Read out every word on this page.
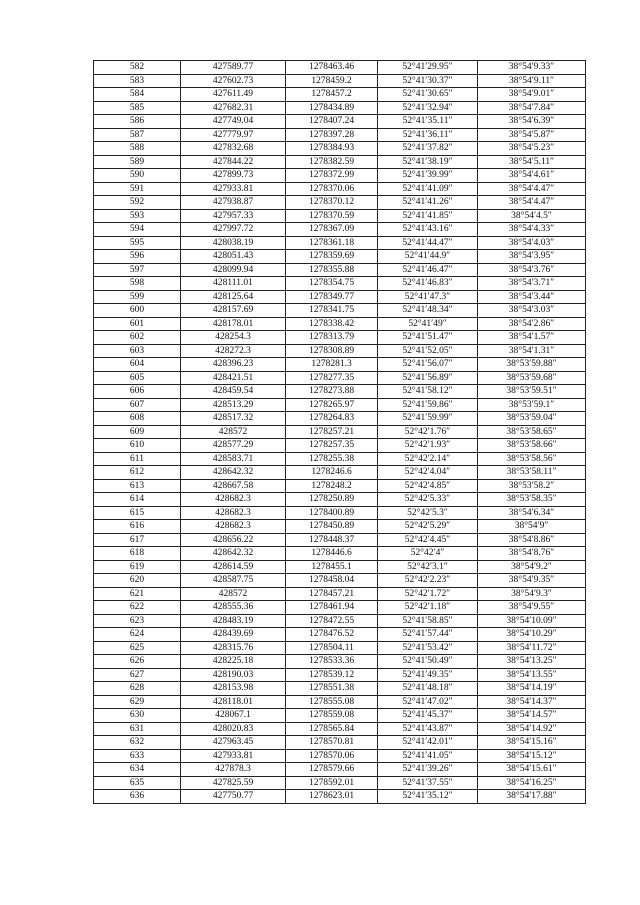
582	427589.77	1278463.46	52°41′29.95″	38°54′9.33″
583	427602.73	1278459.2	52°41′30.37″	38°54′9.11″
584	427611.49	1278457.2	52°41′30.65″	38°54′9.01″
585	427682.31	1278434.89	52°41′32.94″	38°54′7.84″
586	427749.04	1278407.24	52°41′35.11″	38°54′6.39″
587	427779.97	1278397.28	52°41′36.11″	38°54′5.87″
588	427832.68	1278384.93	52°41′37.82″	38°54′5.23″
589	427844.22	1278382.59	52°41′38.19″	38°54′5.11″
590	427899.73	1278372.99	52°41′39.99″	38°54′4.61″
591	427933.81	1278370.06	52°41′41.09″	38°54′4.47″
592	427938.87	1278370.12	52°41′41.26″	38°54′4.47″
593	427957.33	1278370.59	52°41′41.85″	38°54′4.5″
594	427997.72	1278367.09	52°41′43.16″	38°54′4.33″
595	428038.19	1278361.18	52°41′44.47″	38°54′4.03″
596	428051.43	1278359.69	52°41′44.9″	38°54′3.95″
597	428099.94	1278355.88	52°41′46.47″	38°54′3.76″
598	428111.01	1278354.75	52°41′46.83″	38°54′3.71″
599	428125.64	1278349.77	52°41′47.3″	38°54′3.44″
600	428157.69	1278341.75	52°41′48.34″	38°54′3.03″
601	428178.01	1278338.42	52°41′49″	38°54′2.86″
602	428254.3	1278313.79	52°41′51.47″	38°54′1.57″
603	428272.3	1278308.89	52°41′52.05″	38°54′1.31″
604	428396.23	1278281.3	52°41′56.07″	38°53′59.88″
605	428421.51	1278277.35	52°41′56.89″	38°53′59.68″
606	428459.54	1278273.88	52°41′58.12″	38°53′59.51″
607	428513.29	1278265.97	52°41′59.86″	38°53′59.1″
608	428517.32	1278264.83	52°41′59.99″	38°53′59.04″
609	428572	1278257.21	52°42′1.76″	38°53′58.65″
610	428577.29	1278257.35	52°42′1.93″	38°53′58.66″
611	428583.71	1278255.38	52°42′2.14″	38°53′58.56″
612	428642.32	1278246.6	52°42′4.04″	38°53′58.11″
613	428667.58	1278248.2	52°42′4.85″	38°53′58.2″
614	428682.3	1278250.89	52°42′5.33″	38°53′58.35″
615	428682.3	1278400.89	52°42′5.3″	38°54′6.34″
616	428682.3	1278450.89	52°42′5.29″	38°54′9″
617	428656.22	1278448.37	52°42′4.45″	38°54′8.86″
618	428642.32	1278446.6	52°42′4″	38°54′8.76″
619	428614.59	1278455.1	52°42′3.1″	38°54′9.2″
620	428587.75	1278458.04	52°42′2.23″	38°54′9.35″
621	428572	1278457.21	52°42′1.72″	38°54′9.3″
622	428555.36	1278461.94	52°42′1.18″	38°54′9.55″
623	428483.19	1278472.55	52°41′58.85″	38°54′10.09″
624	428439.69	1278476.52	52°41′57.44″	38°54′10.29″
625	428315.76	1278504.11	52°41′53.42″	38°54′11.72″
626	428225.18	1278533.36	52°41′50.49″	38°54′13.25″
627	428190.03	1278539.12	52°41′49.35″	38°54′13.55″
628	428153.98	1278551.38	52°41′48.18″	38°54′14.19″
629	428118.01	1278555.08	52°41′47.02″	38°54′14.37″
630	428067.1	1278559.08	52°41′45.37″	38°54′14.57″
631	428020.83	1278565.84	52°41′43.87″	38°54′14.92″
632	427963.45	1278570.81	52°41′42.01″	38°54′15.16″
633	427933.81	1278570.06	52°41′41.05″	38°54′15.12″
634	427878.3	1278579.66	52°41′39.26″	38°54′15.61″
635	427825.59	1278592.01	52°41′37.55″	38°54′16.25″
636	427750.77	1278623.01	52°41′35.12″	38°54′17.88″
